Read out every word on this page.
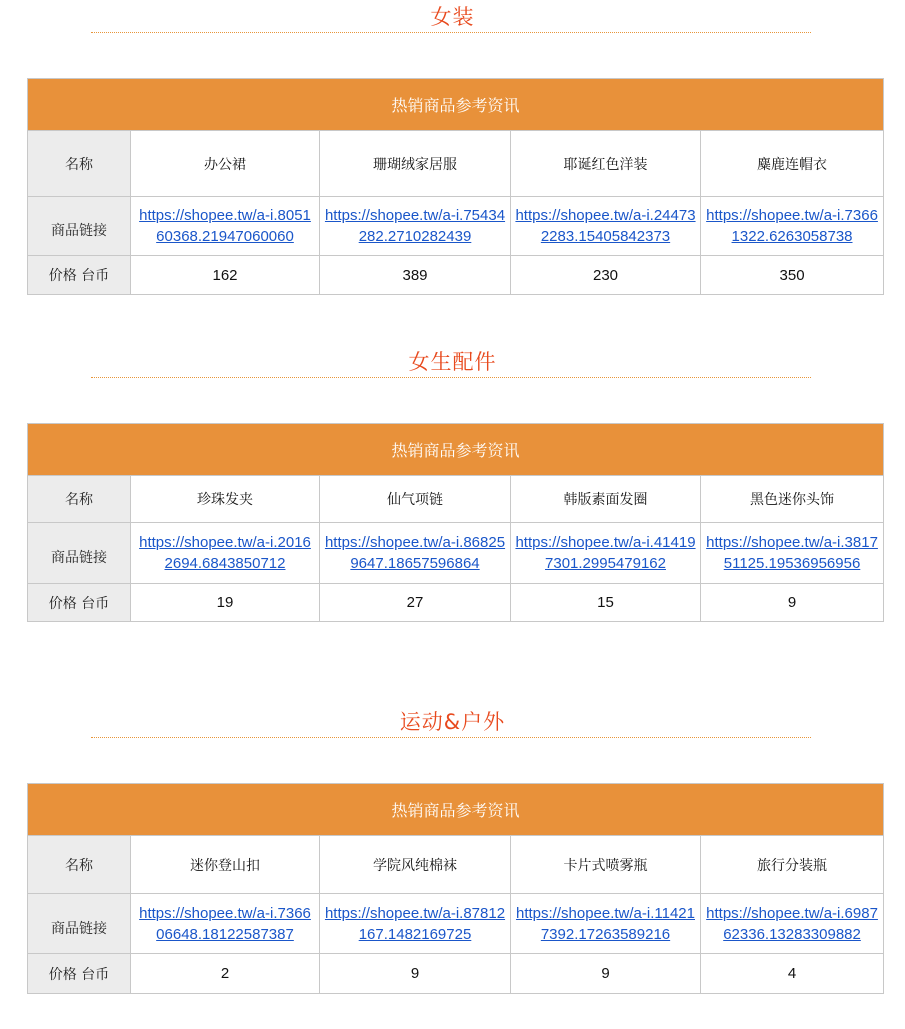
女装
热销商品参考资讯				
名称	办公裙	珊瑚绒家居服	耶诞红色洋装	麋鹿连帽衣
商品链接	https://shopee.tw/a-i.805160368.21947060060	https://shopee.tw/a-i.75434282.2710282439	https://shopee.tw/a-i.244732283.15405842373	https://shopee.tw/a-i.73661322.6263058738
价格 台币	162	389	230	350
女生配件
热销商品参考资讯				
名称	珍珠发夹	仙气项链	韩版素面发圈	黑色迷你头饰
商品链接	https://shopee.tw/a-i.20162694.6843850712	https://shopee.tw/a-i.868259647.18657596864	https://shopee.tw/a-i.414197301.2995479162	https://shopee.tw/a-i.381751125.19536956956
价格 台币	19	27	15	9
运动&户外
热销商品参考资讯				
名称	迷你登山扣	学院风纯棉袜	卡片式喷雾瓶	旅行分装瓶
商品链接	https://shopee.tw/a-i.736606648.18122587387	https://shopee.tw/a-i.87812167.1482169725	https://shopee.tw/a-i.114217392.17263589216	https://shopee.tw/a-i.698762336.13283309882
价格 台币	2	9	9	4
